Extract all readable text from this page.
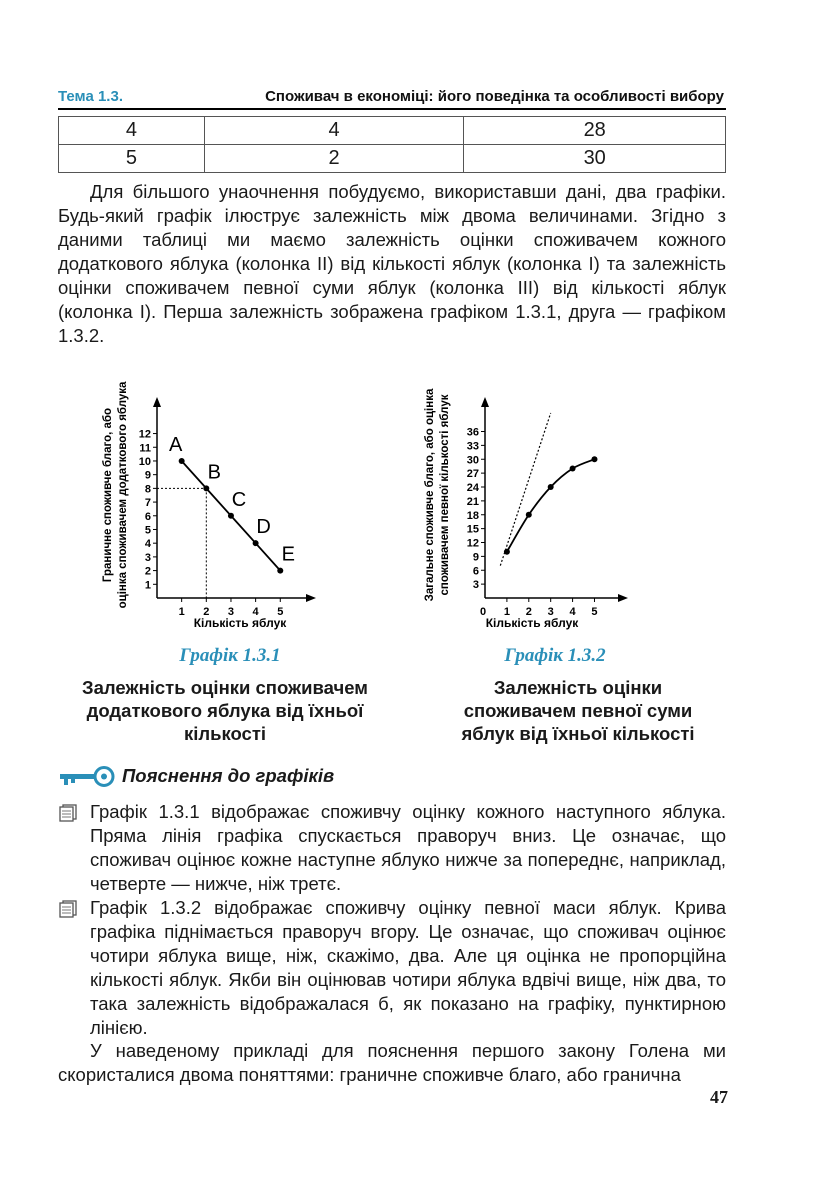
Тема 1.3.	Споживач в економіці: його поведінка та особливості вибору
4	4	28
5	2	30

Для більшого унаочнення побудуємо, використавши дані, два графіки. Будь-який графік ілюструє залежність між двома величинами. Згідно з даними таблиці ми маємо залежність оцінки споживачем кожного додаткового яблука (колонка ІІ) від кількості яблук (колонка І) та залежність оцінки споживачем певної суми яблук (колонка ІІІ) від кількості яблук (колонка І). Перша залежність зображена графіком 1.3.1, друга — графіком 1.3.2.

Граничне споживче благо, або оцінка споживачем додаткового яблука 1
2
3
4
5
6
7
8
9
10
11
12
1 2 3 4 5
A
B
C
D
E
Кількість яблук
Загальне споживче благо, або оцінка споживачем певної кількості яблук 3
6
9
12
15
18
21
24
27
30
33
36
0 1 2 3 4 5
Кількість яблук
Графік 1.3.1	Графік 1.3.2
Залежність оцінки споживачем додаткового яблука від їхньої кількості
Залежність оцінки споживачем певної суми яблук від їхньої кількості
Пояснення до графіків
Графік 1.3.1 відображає споживчу оцінку кожного наступного яблука. Пряма лінія графіка спускається праворуч вниз. Це означає, що споживач оцінює кожне наступне яблуко нижче за попереднє, наприклад, четверте — нижче, ніж третє.
Графік 1.3.2 відображає споживчу оцінку певної маси яблук. Крива графіка піднімається праворуч вгору. Це означає, що споживач оцінює чотири яблука вище, ніж, скажімо, два. Але ця оцінка не пропорційна кількості яблук. Якби він оцінював чотири яблука вдвічі вище, ніж два, то така залежність відображалася б, як показано на графіку, пунктирною лінією.

У наведеному прикладі для пояснення першого закону Голена ми скористалися двома поняттями: граничне споживче благо, або гранична

47
